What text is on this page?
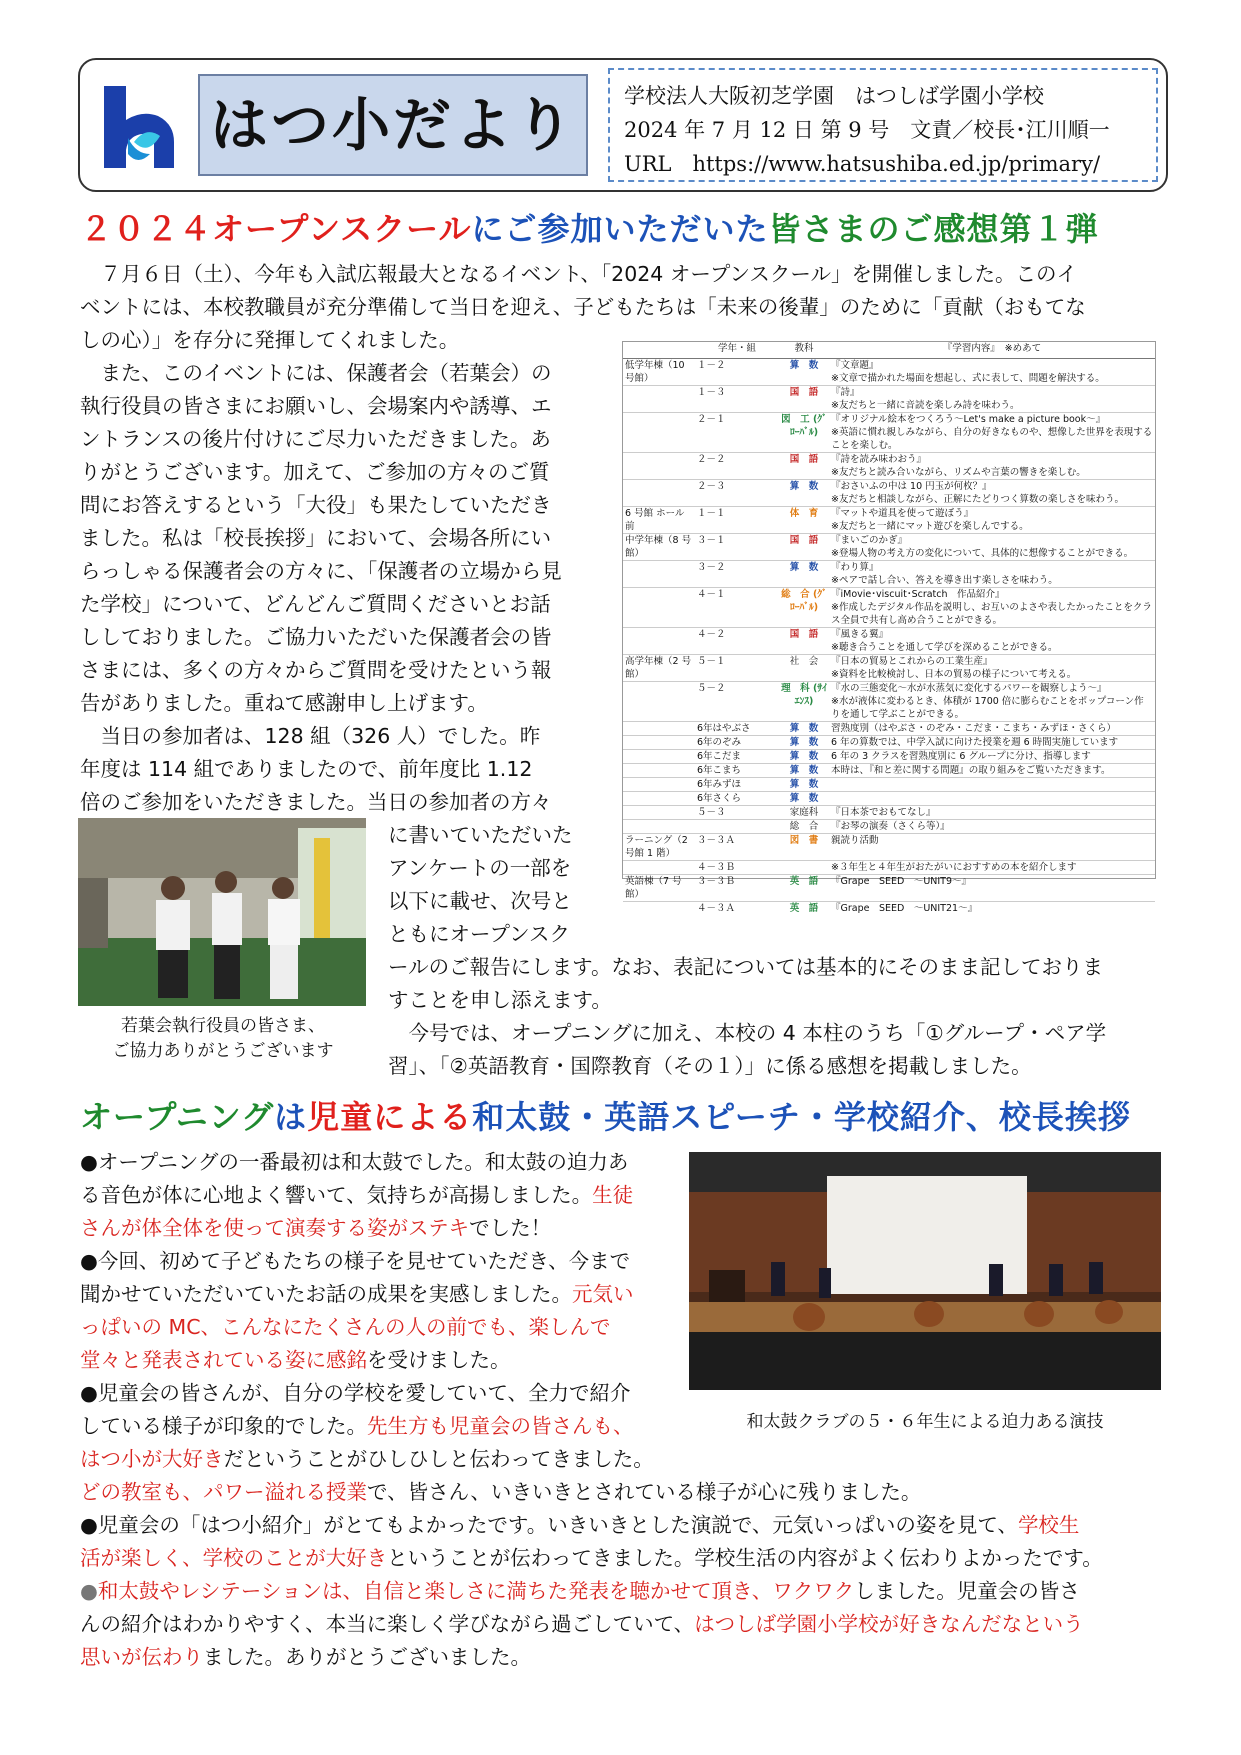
はつ小だより	学校法人大阪初芝学園　はつしば学園小学校
2024 年 7 月 12 日 第 9 号　文責／校長･江川順一
URL　https://www.hatsushiba.ed.jp/primary/
２０２４オープンスクールにご参加いただいた皆さまのご感想第１弾
　７月６日（土）、今年も入試広報最大となるイベント、「2024 オープンスクール」を開催しました。このイ
ベントには、本校教職員が充分準備して当日を迎え、子どもたちは「未来の後輩」のために「貢献（おもてな
しの心）」を存分に発揮してくれました。
　また、このイベントには、保護者会（若葉会）の
執行役員の皆さまにお願いし、会場案内や誘導、エ
ントランスの後片付けにご尽力いただきました。あ
りがとうございます。加えて、ご参加の方々のご質
問にお答えするという「大役」も果たしていただき
ました。私は「校長挨拶」において、会場各所にい
らっしゃる保護者会の方々に、「保護者の立場から見
た学校」について、どんどんご質問くださいとお話
ししておりました。ご協力いただいた保護者会の皆
さまには、多くの方々からご質問を受けたという報
告がありました。重ねて感謝申し上げます。
　当日の参加者は、128 組（326 人）でした。昨
年度は 114 組でありましたので、前年度比 1.12
倍のご参加をいただきました。当日の参加者の方々
に書いていただいた
アンケートの一部を
以下に載せ、次号と
ともにオープンスク
ールのご報告にします。なお、表記については基本的にそのまま記しておりま
すことを申し添えます。
　今号では、オープニングに加え、本校の 4 本柱のうち「①グループ・ペア学
習」、「②英語教育・国際教育（その１）」に係る感想を掲載しました。
若葉会執行役員の皆さま、
ご協力ありがとうございます
	学年・組	教科	『学習内容』　※めあて
低学年棟（10 号館）	１－２	算　数	『文章題』
※文章で描かれた場面を想起し、式に表して、問題を解決する。

	１－３	国　語	『詩』
※友だちと一緒に音読を楽しみ詩を味わう。

	２－１	図　工 (ｸﾞﾛｰﾊﾞﾙ)	『オリジナル絵本をつくろう～Let's make a picture book～』
※英語に慣れ親しみながら、自分の好きなものや、想像した世界を表現することを楽しむ。

	２－２	国　語	『詩を読み味わおう』
※友だちと読み合いながら、リズムや言葉の響きを楽しむ。

	２－３	算　数	『おさいふの中は 10 円玉が何枚？』
※友だちと相談しながら、正解にたどりつく算数の楽しさを味わう。

6 号館 ホール前	１－１	体　育	『マットや道具を使って遊ぼう』
※友だちと一緒にマット遊びを楽しんでする。

中学年棟（8 号館）	３－１	国　語	『まいごのかぎ』
※登場人物の考え方の変化について、具体的に想像することができる。

	３－２	算　数	『わり算』
※ペアで話し合い、答えを導き出す楽しさを味わう。

	４－１	総　合 (ｸﾞﾛｰﾊﾞﾙ)	『iMovie･viscuit･Scratch　作品紹介』
※作成したデジタル作品を説明し、お互いのよさや表したかったことをクラス全員で共有し高め合うことができる。

	４－２	国　語	『風きる翼』
※聴き合うことを通して学びを深めることができる。

高学年棟（2 号館）	５－１	社　会	『日本の貿易とこれからの工業生産』
※資料を比較検討し、日本の貿易の様子について考える。

	５－２	理　科 (ｻｲｴﾝｽ)	『水の三態変化～水が水蒸気に変化するパワーを観察しよう～』
※水が液体に変わるとき、体積が 1700 倍に膨らむことをポップコーン作りを通して学ぶことができる。

	6年はやぶさ	算　数	習熟度別（はやぶさ・のぞみ・こだま・こまち・みずほ・さくら）

	6年のぞみ	算　数	6 年の算数では、中学入試に向けた授業を週 6 時間実施しています

	6年こだま	算　数	6 年の 3 クラスを習熟度別に 6 グループに分け、指導します

	6年こまち	算　数	本時は、『和と差に関する問題』の取り組みをご覧いただきます。

	6年みずほ	算　数	

	6年さくら	算　数	

	５－３	家庭科	『日本茶でおもてなし』

		総　合	『お琴の演奏（さくら等）』

ラーニング（2 号館 1 階）	３－３Ａ	図　書	親読り活動

	４－３Ｂ		※３年生と４年生がおたがいにおすすめの本を紹介します

英語棟（7 号館）	３－３Ｂ	英　語	『Grape　SEED　～UNIT9～』

	４－３Ａ	英　語	『Grape　SEED　～UNIT21～』
オープニングは児童による和太鼓・英語スピーチ・学校紹介、校長挨拶
●オープニングの一番最初は和太鼓でした。和太鼓の迫力あ
る音色が体に心地よく響いて、気持ちが高揚しました。生徒
さんが体全体を使って演奏する姿がステキでした！
●今回、初めて子どもたちの様子を見せていただき、今まで
聞かせていただいていたお話の成果を実感しました。元気い
っぱいの MC、こんなにたくさんの人の前でも、楽しんで
堂々と発表されている姿に感銘を受けました。
●児童会の皆さんが、自分の学校を愛していて、全力で紹介
している様子が印象的でした。先生方も児童会の皆さんも、
はつ小が大好きだということがひしひしと伝わってきました。
どの教室も、パワー溢れる授業で、皆さん、いきいきとされている様子が心に残りました。
●児童会の「はつ小紹介」がとてもよかったです。いきいきとした演説で、元気いっぱいの姿を見て、学校生
活が楽しく、学校のことが大好きということが伝わってきました。学校生活の内容がよく伝わりよかったです。
●和太鼓やレシテーションは、自信と楽しさに満ちた発表を聴かせて頂き、ワクワクしました。児童会の皆さ
んの紹介はわかりやすく、本当に楽しく学びながら過ごしていて、はつしば学園小学校が好きなんだなという
思いが伝わりました。ありがとうございました。
和太鼓クラブの５・６年生による迫力ある演技
